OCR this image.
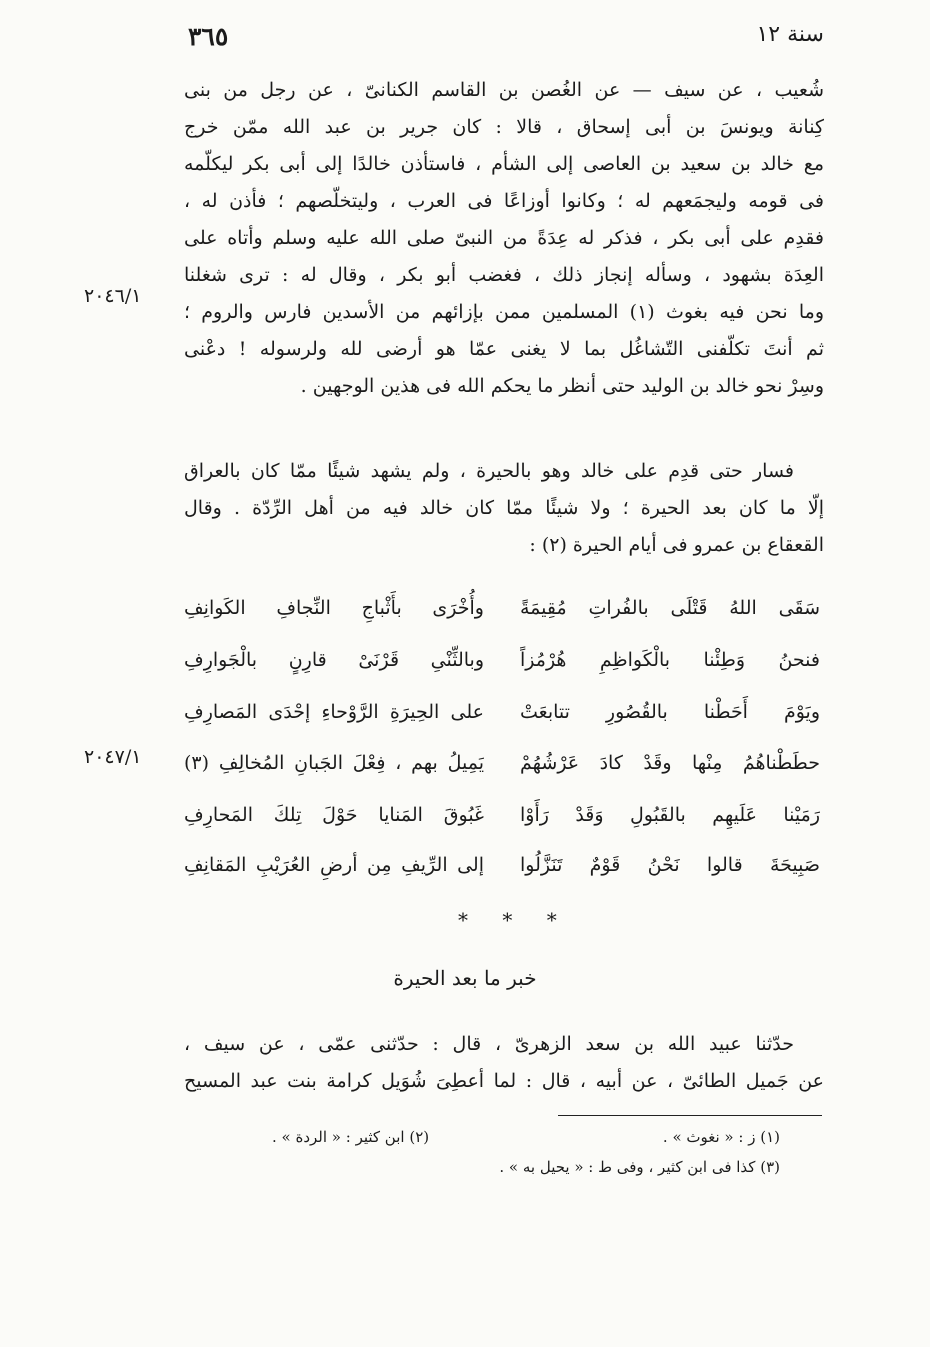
سنة ١٢
٣٦٥
شُعيب ، عن سيف — عن الغُصن بن القاسم الكنانىّ ، عن رجل من بنى
كِنانة ويونسَ بن أبى إسحاق ، قالا : كان جرير بن عبد الله ممّن خرج
مع خالد بن سعيد بن العاصى إلى الشأم ، فاستأذن خالدًا إلى أبى بكر ليكلّمه
فى قومه وليجمَعهم له ؛ وكانوا أوزاعًا فى العرب ، وليتخلّصهم ؛ فأذن له ،
فقدِم على أبى بكر ، فذكر له عِدَةً من النبىّ صلى الله عليه وسلم وأتاه على
العِدَة بشهود ، وسأله إنجاز ذلك ، فغضب أبو بكر ، وقال له : ترى شغلنا
وما نحن فيه بغوث (١) المسلمين ممن بإزائهم من الأسدين فارس والروم ؛
ثم أنتَ تكلّفنى التّشاغُل بما لا يغنى عمّا هو أرضى لله ولرسوله ! دعْنى
وسِرْ نحو خالد بن الوليد حتى أنظر ما يحكم الله فى هذين الوجهين .
٢٠٤٦/١
فسار حتى قدِم على خالد وهو بالحيرة ، ولم يشهد شيئًا ممّا كان بالعراق
إلّا ما كان بعد الحيرة ؛ ولا شيئًا ممّا كان خالد فيه من أهل الرِّدّة . وقال
القعقاع بن عمرو فى أيام الحيرة (٢) :
سَقَى اللهُ قَتْلَى بالفُراتِ مُقِيمَةً
وأُخْرَى بأَثْباجِ النِّجافِ الكَوانِفِ
فنحنُ وَطِئْنا بالْكَواظِمِ هُرْمُزاً
وبالثِّنْىِ قَرْنَىْ قارِنٍ بالْجَوارِفِ
ويَوْمَ أَحَطْنا بالقُصُورِ تتابعَتْ
على الحِيرَةِ الرَّوْحاءِ إحْدَى المَصارِفِ
حطَطْناهُمُ مِنْها وقَدْ كادَ عَرْشُهُمْ
يَمِيلُ بهم ، فِعْلَ الجَبانِ المُخالِفِ (٣)
رَمَيْنا عَلَيهِم بالقَبُولِ وَقَدْ رَأَوْا
غَبُوقَ المَنايا حَوْلَ تِلكَ المَحارِفِ
صَبِيحَةَ قالوا نَحْنُ قَوْمٌ تَنَزَّلُوا
إلى الرِّيفِ مِن أرضِ العُرَيْبِ المَقانِفِ
٢٠٤٧/١
* * *
خبر ما بعد الحيرة
حدّثنا عبيد الله بن سعد الزهرىّ ، قال : حدّثنى عمّى ، عن سيف ،
عن جَميل الطائىّ ، عن أبيه ، قال : لما أعطِىَ شُوَيل كرامة بنت عبد المسيح
(١) ز : « نغوث » .
(٢) ابن كثير : « الردة » .
(٣) كذا فى ابن كثير ، وفى ط : « يحيل به » .
